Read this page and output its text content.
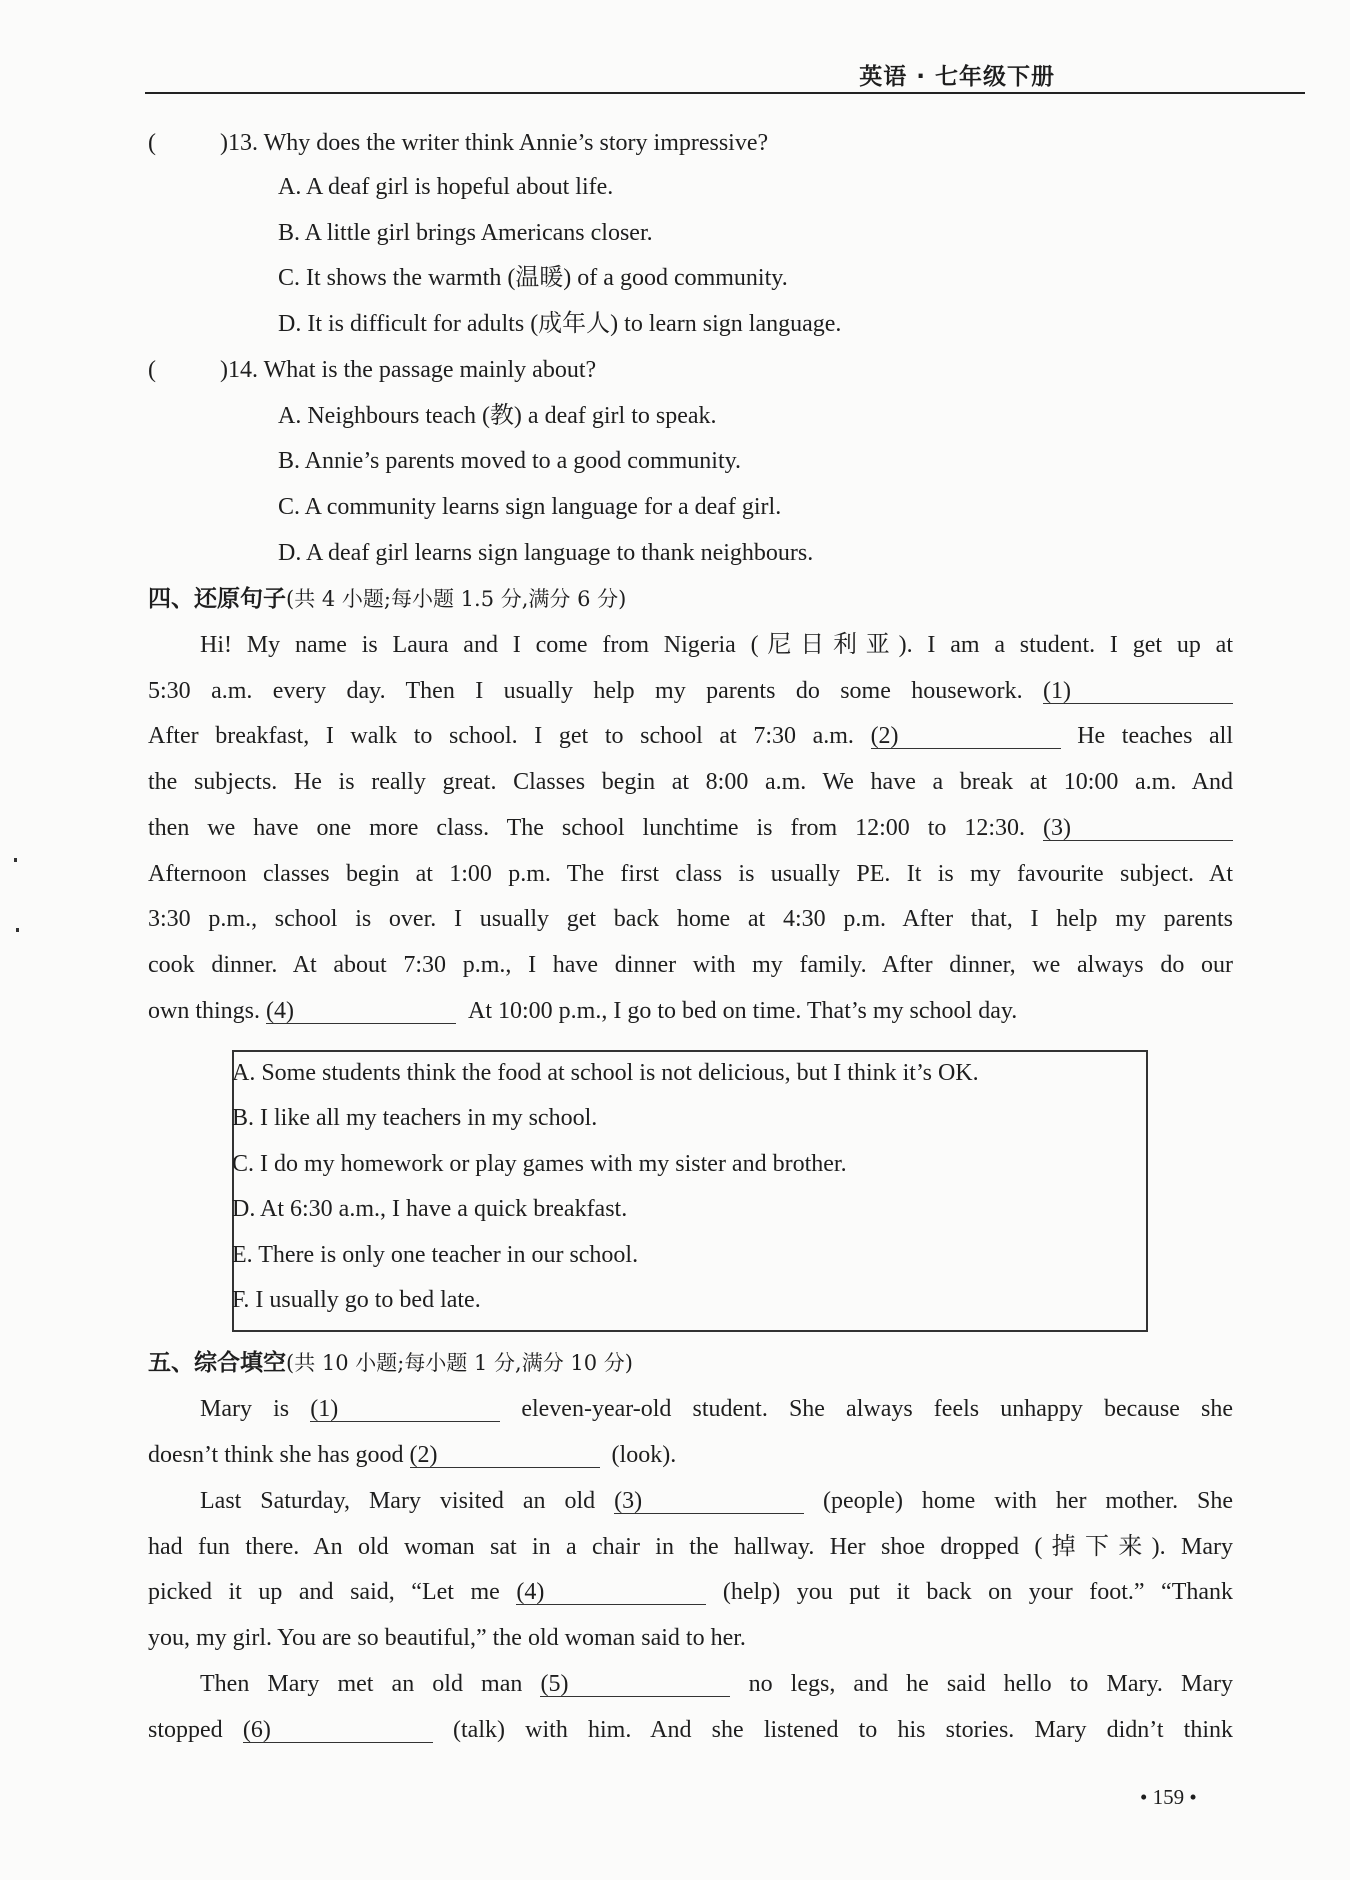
英语 · 七年级下册
(	)13. Why does the writer think Annie’s story impressive?
A. A deaf girl is hopeful about life.
B. A little girl brings Americans closer.
C. It shows the warmth (温暖) of a good community.
D. It is difficult for adults (成年人) to learn sign language.
(	)14. What is the passage mainly about?
A. Neighbours teach (教) a deaf girl to speak.
B. Annie’s parents moved to a good community.
C. A community learns sign language for a deaf girl.
D. A deaf girl learns sign language to thank neighbours.
四、还原句子(共 4 小题;每小题 1.5 分,满分 6 分)
Hi! My name is Laura and I come from Nigeria (尼日利亚). I am a student. I get up at
5:30 a.m. every day. Then I usually help my parents do some housework. (1)
After breakfast, I walk to school. I get to school at 7:30 a.m. (2)	He teaches all
the subjects. He is really great. Classes begin at 8:00 a.m. We have a break at 10:00 a.m. And
then we have one more class. The school lunchtime is from 12:00 to 12:30. (3)
Afternoon classes begin at 1:00 p.m. The first class is usually PE. It is my favourite subject. At
3:30 p.m., school is over. I usually get back home at 4:30 p.m. After that, I help my parents
cook dinner. At about 7:30 p.m., I have dinner with my family. After dinner, we always do our
own things. (4)	At 10:00 p.m., I go to bed on time. That’s my school day.
A. Some students think the food at school is not delicious, but I think it’s OK.
B. I like all my teachers in my school.
C. I do my homework or play games with my sister and brother.
D. At 6:30 a.m., I have a quick breakfast.
E. There is only one teacher in our school.
F. I usually go to bed late.
五、综合填空(共 10 小题;每小题 1 分,满分 10 分)
Mary is (1)	eleven-year-old student. She always feels unhappy because she
doesn’t think she has good (2)	(look).
Last Saturday, Mary visited an old (3)	(people) home with her mother. She
had fun there. An old woman sat in a chair in the hallway. Her shoe dropped (掉下来). Mary
picked it up and said, “Let me (4)	(help) you put it back on your foot.” “Thank
you, my girl. You are so beautiful,” the old woman said to her.
Then Mary met an old man (5)	no legs, and he said hello to Mary. Mary
stopped (6)	(talk) with him. And she listened to his stories. Mary didn’t think
• 159 •
